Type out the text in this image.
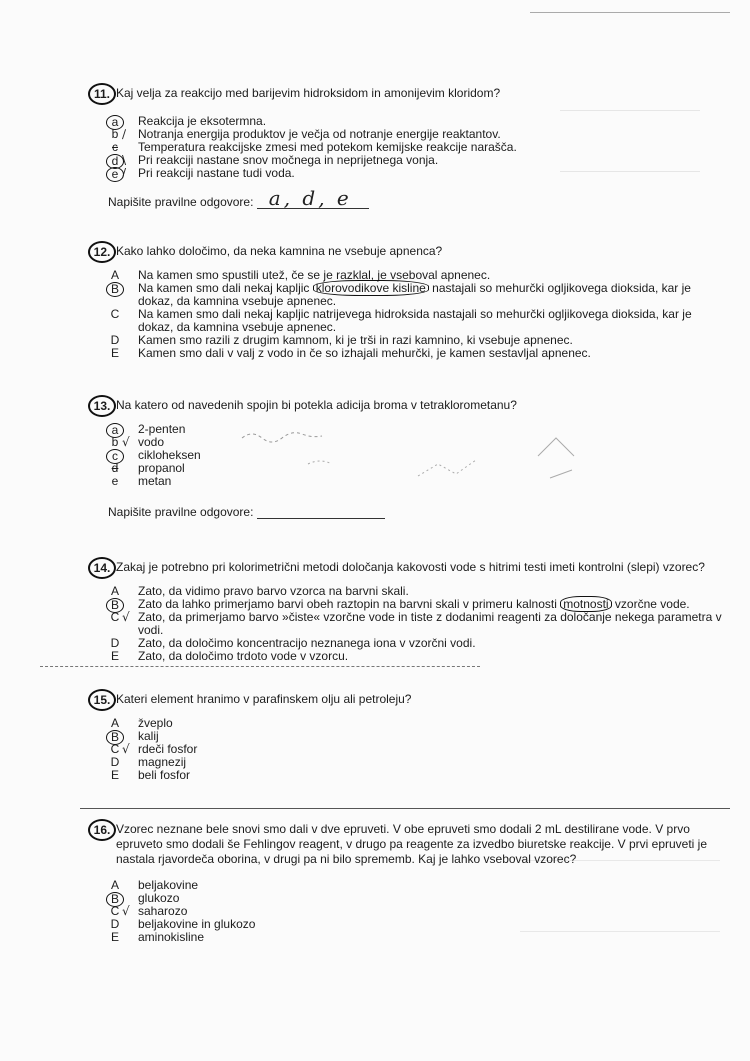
11. Kaj velja za reakcijo med barijevim hidroksidom in amonijevim kloridom?
a	Reakcija je eksotermna.
b ∕ Notranja energija produktov je večja od notranje energije reaktantov.
c	Temperatura reakcijske zmesi med potekom kemijske reakcije narašča.
d \ Pri reakciji nastane snov močnega in neprijetnega vonja.
e / Pri reakciji nastane tudi voda.
Napišite pravilne odgovore: a, d, e
12. Kako lahko določimo, da neka kamnina ne vsebuje apnenca?
A Na kamen smo spustili utež, če se je razklal, je vseboval apnenec.
B	Na kamen smo dali nekaj kapljic klorovodikove kisline nastajali so mehurčki ogljikovega dioksida, kar je dokaz, da kamnina vsebuje apnenec.
C Na kamen smo dali nekaj kapljic natrijevega hidroksida nastajali so mehurčki ogljikovega dioksida, kar je dokaz, da kamnina vsebuje apnenec.
D Kamen smo razili z drugim kamnom, ki je trši in razi kamnino, ki vsebuje apnenec.
E Kamen smo dali v valj z vodo in če so izhajali mehurčki, je kamen sestavljal apnenec.
13. Na katero od navedenih spojin bi potekla adicija broma v tetraklorometanu?
a	2-penten
b √ vodo
c	cikloheksen
d	propanol
e	metan
Napišite pravilne odgovore:
14. Zakaj je potrebno pri kolorimetrični metodi določanja kakovosti vode s hitrimi testi imeti kontrolni (slepi) vzorec?
A Zato, da vidimo pravo barvo vzorca na barvni skali.
B	Zato da lahko primerjamo barvi obeh raztopin na barvni skali v primeru kalnosti motnosti vzorčne vode.
C √ Zato, da primerjamo barvo »čiste« vzorčne vode in tiste z dodanimi reagenti za določanje nekega parametra v vodi.
D Zato, da določimo koncentracijo neznanega iona v vzorčni vodi.
E Zato, da določimo trdoto vode v vzorcu.
15. Kateri element hranimo v parafinskem olju ali petroleju?
A žveplo
B	kalij
C √ rdeči fosfor
D magnezij
E beli fosfor
16. Vzorec neznane bele snovi smo dali v dve epruveti. V obe epruveti smo dodali 2 mL destilirane vode. V prvo epruveto smo dodali še Fehlingov reagent, v drugo pa reagente za izvedbo biuretske reakcije. V prvi epruveti je nastala rjavordeča oborina, v drugi pa ni bilo sprememb. Kaj je lahko vseboval vzorec?
A beljakovine
B	glukozo
C √ saharozo
D beljakovine in glukozo
E aminokisline
